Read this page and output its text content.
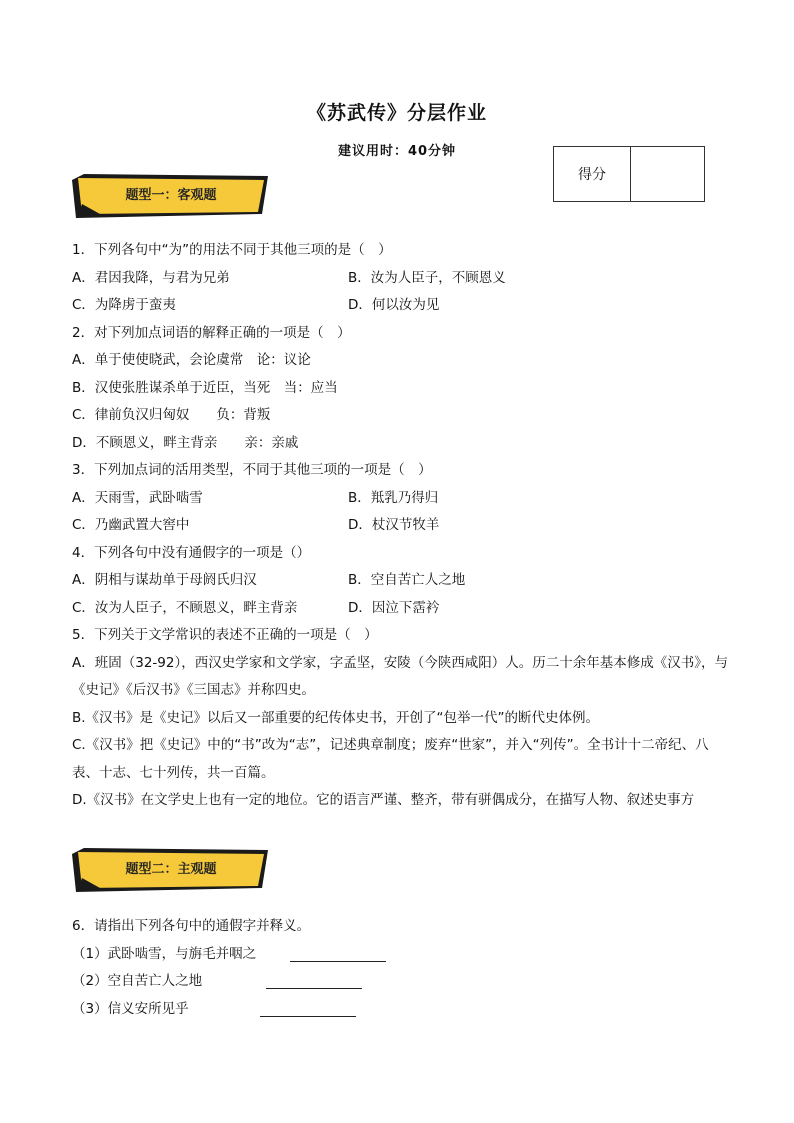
《苏武传》分层作业
建议用时：40分钟
得分
题型一：客观题
1．下列各句中“为”的用法不同于其他三项的是（　）
A．君因我降，与君为兄弟	B．汝为人臣子，不顾恩义
C．为降虏于蛮夷	D．何以汝为见
2．对下列加点词语的解释正确的一项是（　）
A．单于使使晓武，会论虞常　论：议论
B．汉使张胜谋杀单于近臣，当死　当：应当
C．律前负汉归匈奴　　负：背叛
D．不顾恩义，畔主背亲　　亲：亲戚
3．下列加点词的活用类型，不同于其他三项的一项是（　）
A．天雨雪，武卧啮雪	B．羝乳乃得归
C．乃幽武置大窖中	D．杖汉节牧羊
4．下列各句中没有通假字的一项是（）
A．阴相与谋劫单于母阏氏归汉	B．空自苦亡人之地
C．汝为人臣子，不顾恩义，畔主背亲	D．因泣下霑衿
5．下列关于文学常识的表述不正确的一项是（　）
A．班固（32-92），西汉史学家和文学家，字孟坚，安陵（今陕西咸阳）人。历二十余年基本修成《汉书》，与《史记》《后汉书》《三国志》并称四史。
B.《汉书》是《史记》以后又一部重要的纪传体史书，开创了“包举一代”的断代史体例。
C.《汉书》把《史记》中的“书”改为“志”，记述典章制度；废弃“世家”，并入“列传”。全书计十二帝纪、八表、十志、七十列传，共一百篇。
D.《汉书》在文学史上也有一定的地位。它的语言严谨、整齐，带有骈偶成分，在描写人物、叙述史事方
题型二：主观题
6．请指出下列各句中的通假字并释义。
（1）武卧啮雪，与旃毛并咽之
（2）空自苦亡人之地
（3）信义安所见乎
